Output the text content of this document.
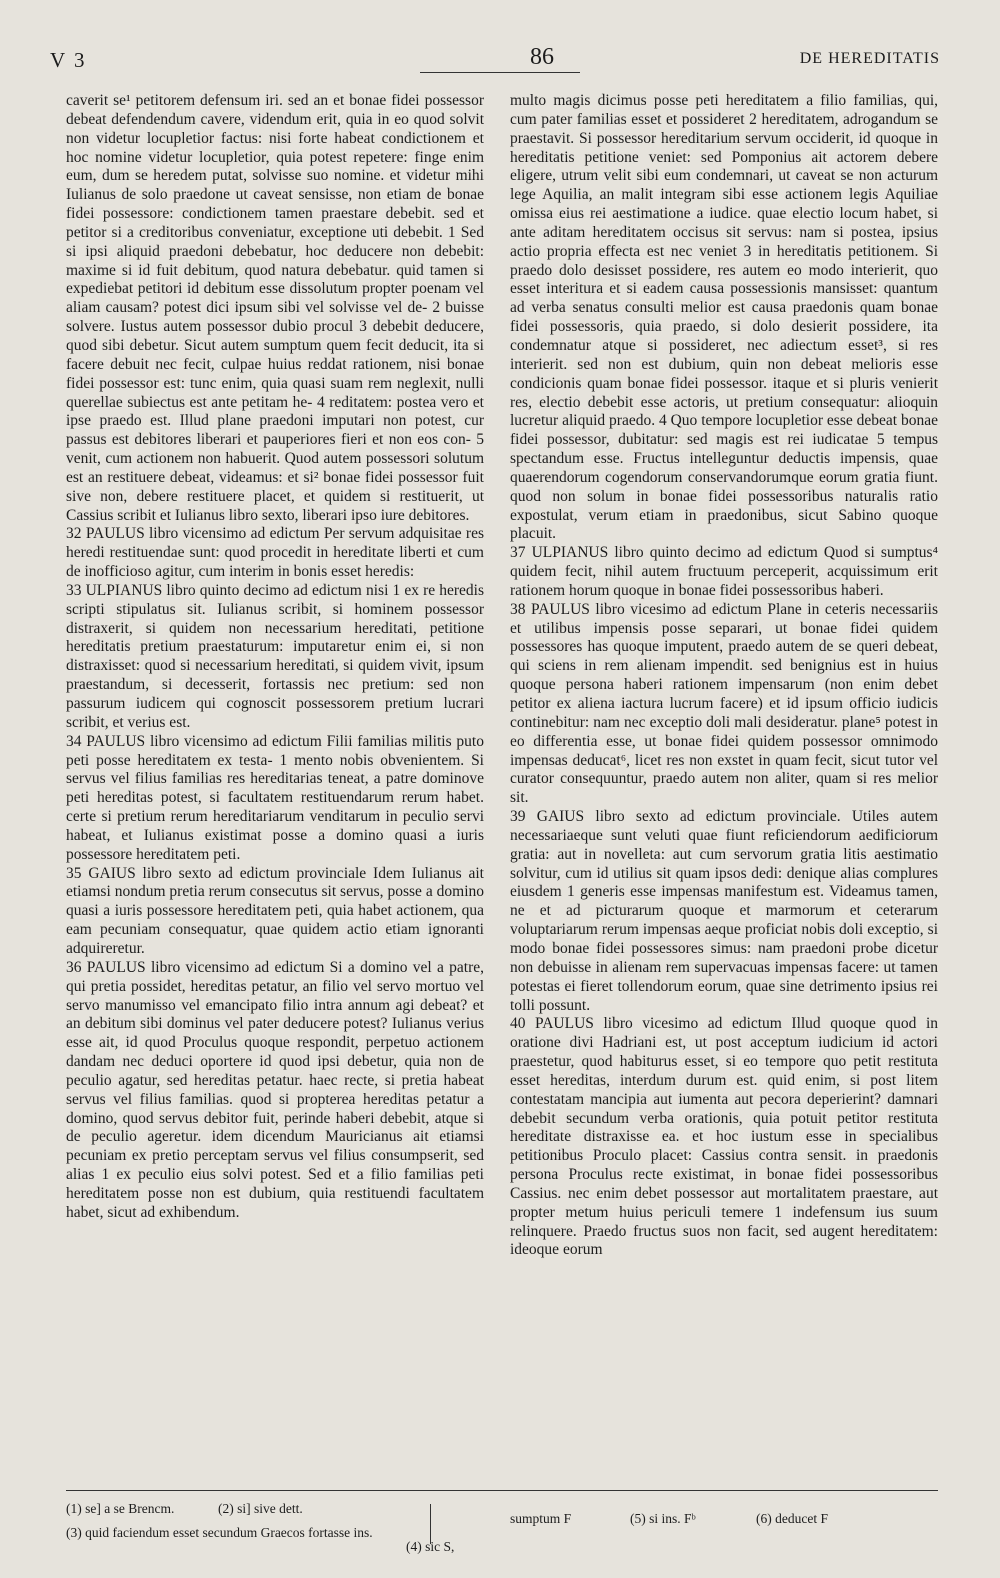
V 3	86	DE HEREDITATIS

caverit se¹ petitorem defensum iri. sed an et bonae fidei possessor debeat defendendum cavere, videndum erit, quia in eo quod solvit non videtur locupletior factus: nisi forte habeat condictionem et hoc nomine videtur locupletior, quia potest repetere: finge enim eum, dum se heredem putat, solvisse suo nomine. et videtur mihi Iulianus de solo praedone ut caveat sensisse, non etiam de bonae fidei possessore: condictionem tamen praestare debebit. sed et petitor si a creditoribus conveniatur, exceptione uti debebit. 1 Sed si ipsi aliquid praedoni debebatur, hoc deducere non debebit: maxime si id fuit debitum, quod natura debebatur. quid tamen si expediebat petitori id debitum esse dissolutum propter poenam vel aliam causam? potest dici ipsum sibi vel solvisse vel de- 2 buisse solvere. Iustus autem possessor dubio procul 3 debebit deducere, quod sibi debetur. Sicut autem sumptum quem fecit deducit, ita si facere debuit nec fecit, culpae huius reddat rationem, nisi bonae fidei possessor est: tunc enim, quia quasi suam rem neglexit, nulli querellae subiectus est ante petitam he- 4 reditatem: postea vero et ipse praedo est. Illud plane praedoni imputari non potest, cur passus est debitores liberari et pauperiores fieri et non eos con- 5 venit, cum actionem non habuerit. Quod autem possessori solutum est an restituere debeat, videamus: et si² bonae fidei possessor fuit sive non, debere restituere placet, et quidem si restituerit, ut Cassius scribit et Iulianus libro sexto, liberari ipso iure debitores.
32 PAULUS libro vicensimo ad edictum Per servum adquisitae res heredi restituendae sunt: quod procedit in hereditate liberti et cum de inofficioso agitur, cum interim in bonis esset heredis:
33 ULPIANUS libro quinto decimo ad edictum nisi 1 ex re heredis scripti stipulatus sit. Iulianus scribit, si hominem possessor distraxerit, si quidem non necessarium hereditati, petitione hereditatis pretium praestaturum: imputaretur enim ei, si non distraxisset: quod si necessarium hereditati, si quidem vivit, ipsum praestandum, si decesserit, fortassis nec pretium: sed non passurum iudicem qui cognoscit possessorem pretium lucrari scribit, et verius est.
34 PAULUS libro vicensimo ad edictum Filii familias militis puto peti posse hereditatem ex testa- 1 mento nobis obvenientem. Si servus vel filius familias res hereditarias teneat, a patre dominove peti hereditas potest, si facultatem restituendarum rerum habet. certe si pretium rerum hereditariarum venditarum in peculio servi habeat, et Iulianus existimat posse a domino quasi a iuris possessore hereditatem peti.
35 GAIUS libro sexto ad edictum provinciale Idem Iulianus ait etiamsi nondum pretia rerum consecutus sit servus, posse a domino quasi a iuris possessore hereditatem peti, quia habet actionem, qua eam pecuniam consequatur, quae quidem actio etiam ignoranti adquireretur.
36 PAULUS libro vicensimo ad edictum Si a domino vel a patre, qui pretia possidet, hereditas petatur, an filio vel servo mortuo vel servo manumisso vel emancipato filio intra annum agi debeat? et an debitum sibi dominus vel pater deducere potest? Iulianus verius esse ait, id quod Proculus quoque respondit, perpetuo actionem dandam nec deduci oportere id quod ipsi debetur, quia non de peculio agatur, sed hereditas petatur. haec recte, si pretia habeat servus vel filius familias. quod si propterea hereditas petatur a domino, quod servus debitor fuit, perinde haberi debebit, atque si de peculio ageretur. idem dicendum Mauricianus ait etiamsi pecuniam ex pretio perceptam servus vel filius consumpserit, sed alias 1 ex peculio eius solvi potest. Sed et a filio familias peti hereditatem posse non est dubium, quia restituendi facultatem habet, sicut ad exhibendum.

multo magis dicimus posse peti hereditatem a filio familias, qui, cum pater familias esset et possideret 2 hereditatem, adrogandum se praestavit. Si possessor hereditarium servum occiderit, id quoque in hereditatis petitione veniet: sed Pomponius ait actorem debere eligere, utrum velit sibi eum condemnari, ut caveat se non acturum lege Aquilia, an malit integram sibi esse actionem legis Aquiliae omissa eius rei aestimatione a iudice. quae electio locum habet, si ante aditam hereditatem occisus sit servus: nam si postea, ipsius actio propria effecta est nec veniet 3 in hereditatis petitionem. Si praedo dolo desisset possidere, res autem eo modo interierit, quo esset interitura et si eadem causa possessionis mansisset: quantum ad verba senatus consulti melior est causa praedonis quam bonae fidei possessoris, quia praedo, si dolo desierit possidere, ita condemnatur atque si possideret, nec adiectum esset³, si res interierit. sed non est dubium, quin non debeat melioris esse condicionis quam bonae fidei possessor. itaque et si pluris venierit res, electio debebit esse actoris, ut pretium consequatur: alioquin lucretur aliquid praedo. 4 Quo tempore locupletior esse debeat bonae fidei possessor, dubitatur: sed magis est rei iudicatae 5 tempus spectandum esse. Fructus intelleguntur deductis impensis, quae quaerendorum cogendorum conservandorumque eorum gratia fiunt. quod non solum in bonae fidei possessoribus naturalis ratio expostulat, verum etiam in praedonibus, sicut Sabino quoque placuit.
37 ULPIANUS libro quinto decimo ad edictum Quod si sumptus⁴ quidem fecit, nihil autem fructuum perceperit, acquissimum erit rationem horum quoque in bonae fidei possessoribus haberi.
38 PAULUS libro vicesimo ad edictum Plane in ceteris necessariis et utilibus impensis posse separari, ut bonae fidei quidem possessores has quoque imputent, praedo autem de se queri debeat, qui sciens in rem alienam impendit. sed benignius est in huius quoque persona haberi rationem impensarum (non enim debet petitor ex aliena iactura lucrum facere) et id ipsum officio iudicis continebitur: nam nec exceptio doli mali desideratur. plane⁵ potest in eo differentia esse, ut bonae fidei quidem possessor omnimodo impensas deducat⁶, licet res non exstet in quam fecit, sicut tutor vel curator consequuntur, praedo autem non aliter, quam si res melior sit.
39 GAIUS libro sexto ad edictum provinciale. Utiles autem necessariaeque sunt veluti quae fiunt reficiendorum aedificiorum gratia: aut in novelleta: aut cum servorum gratia litis aestimatio solvitur, cum id utilius sit quam ipsos dedi: denique alias complures eiusdem 1 generis esse impensas manifestum est. Videamus tamen, ne et ad picturarum quoque et marmorum et ceterarum voluptariarum rerum impensas aeque proficiat nobis doli exceptio, si modo bonae fidei possessores simus: nam praedoni probe dicetur non debuisse in alienam rem supervacuas impensas facere: ut tamen potestas ei fieret tollendorum eorum, quae sine detrimento ipsius rei tolli possunt.
40 PAULUS libro vicesimo ad edictum Illud quoque quod in oratione divi Hadriani est, ut post acceptum iudicium id actori praestetur, quod habiturus esset, si eo tempore quo petit restituta esset hereditas, interdum durum est. quid enim, si post litem contestatam mancipia aut iumenta aut pecora deperierint? damnari debebit secundum verba orationis, quia potuit petitor restituta hereditate distraxisse ea. et hoc iustum esse in specialibus petitionibus Proculo placet: Cassius contra sensit. in praedonis persona Proculus recte existimat, in bonae fidei possessoribus Cassius. nec enim debet possessor aut mortalitatem praestare, aut propter metum huius periculi temere 1 indefensum ius suum relinquere. Praedo fructus suos non facit, sed augent hereditatem: ideoque eorum

(1) se] a se Brencm.	(2) si] sive dett.
(3) quid faciendum esset secundum Graecos fortasse ins.
(4) sic S,
sumptum F	(5) si ins. Fᵇ	(6) deducet F
